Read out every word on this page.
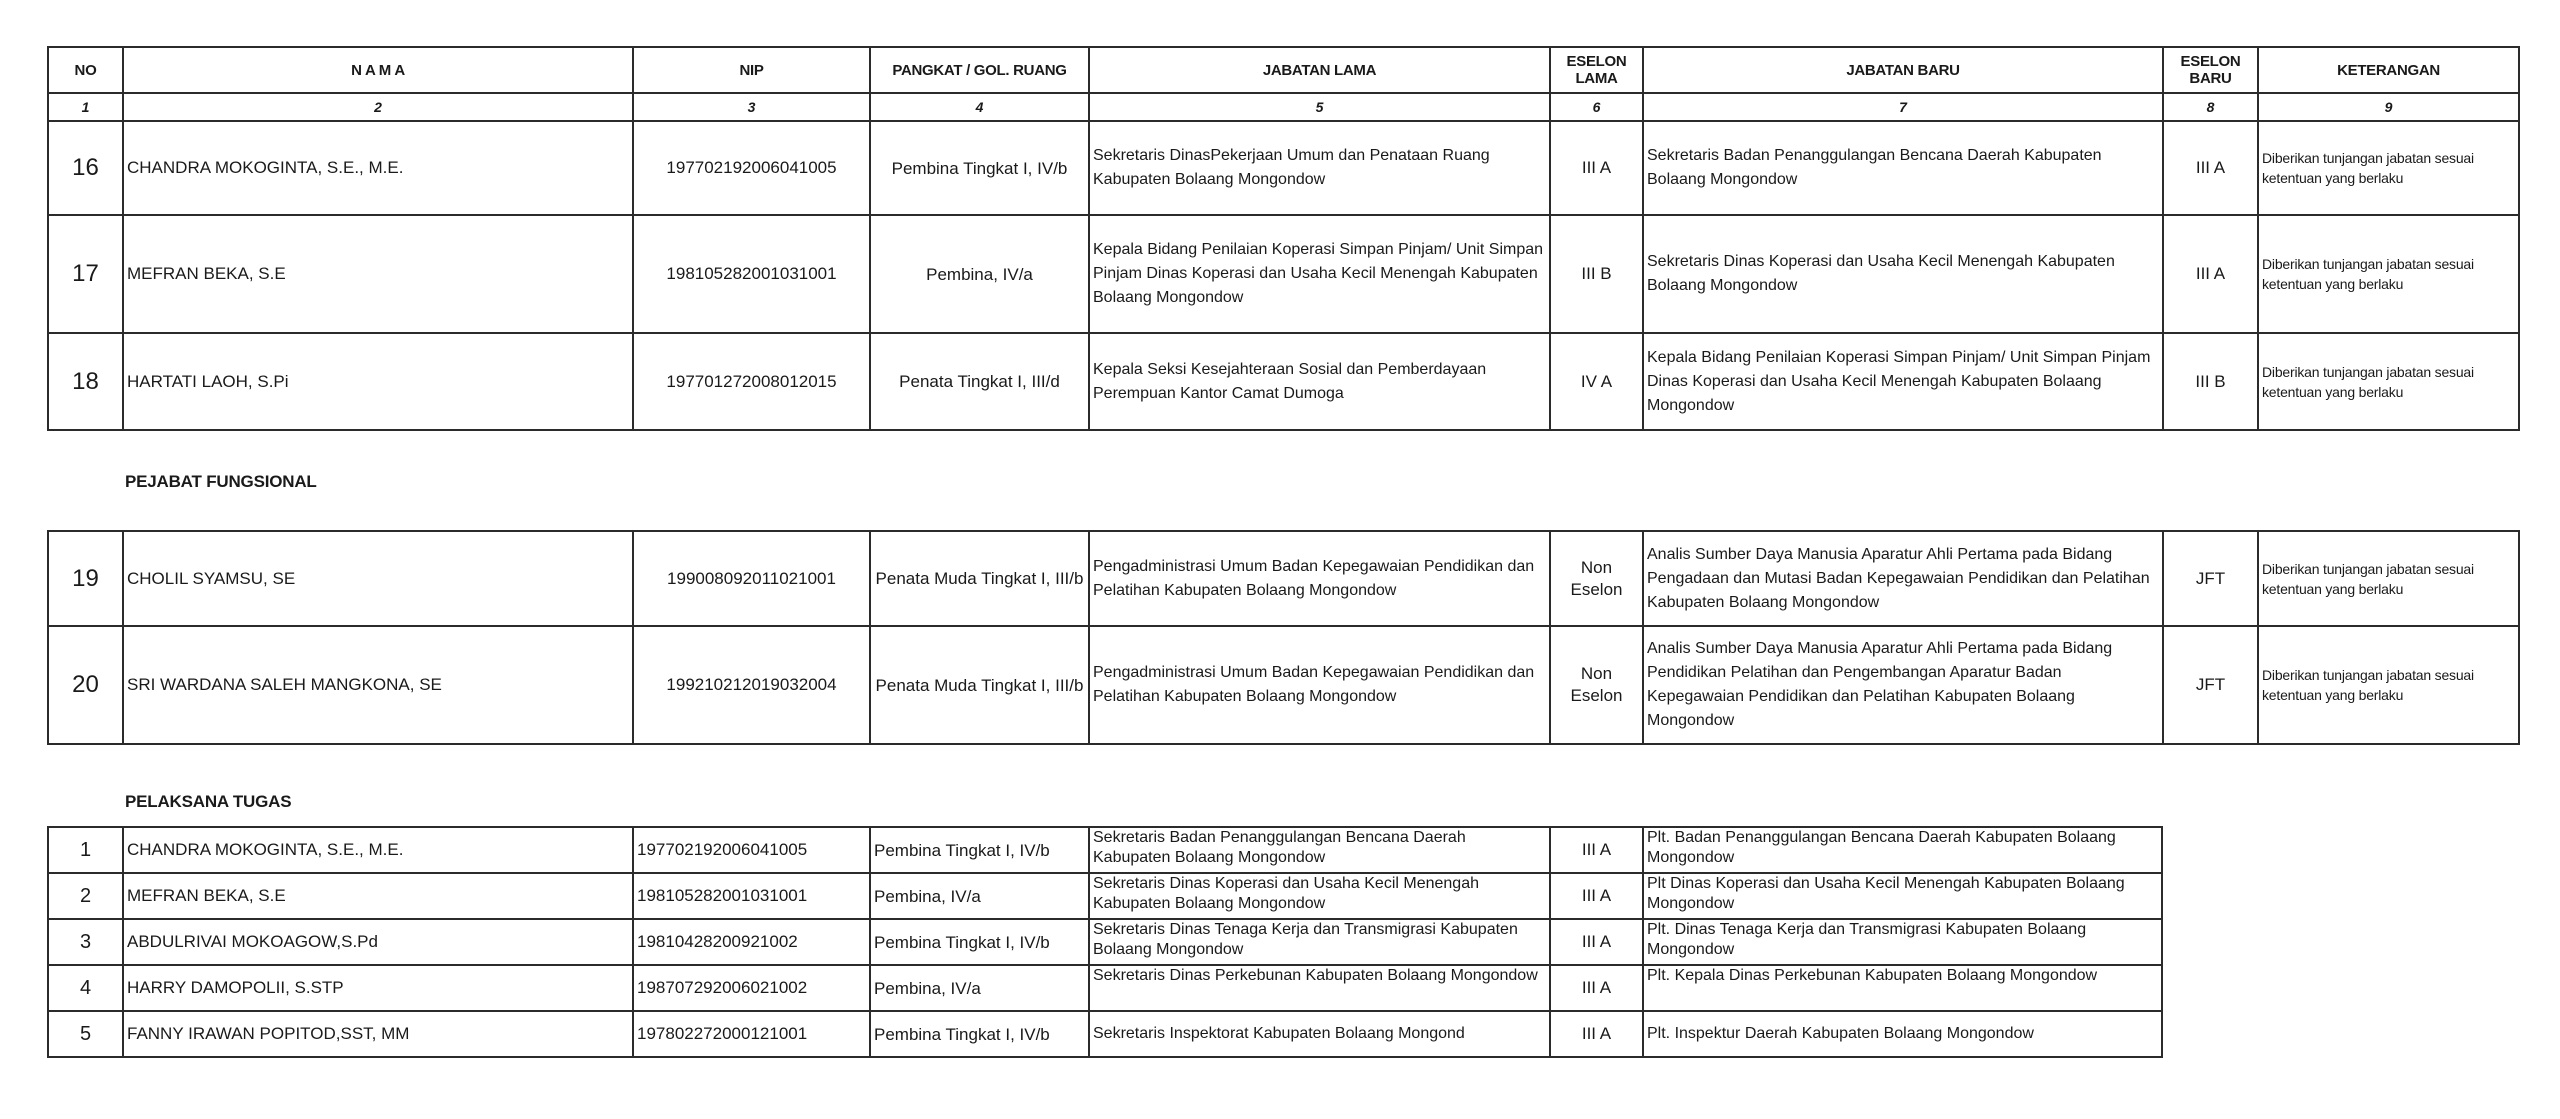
NO	N A M A	NIP	PANGKAT / GOL. RUANG	JABATAN LAMA	ESELON LAMA	JABATAN BARU	ESELON BARU	KETERANGAN
1	2	3	4	5	6	7	8	9
16	CHANDRA MOKOGINTA, S.E., M.E.	197702192006041005	Pembina Tingkat I, IV/b	Sekretaris DinasPekerjaan Umum dan Penataan Ruang Kabupaten Bolaang Mongondow	III A	Sekretaris Badan Penanggulangan Bencana Daerah Kabupaten Bolaang Mongondow	III A	Diberikan tunjangan jabatan sesuai ketentuan yang berlaku
17	MEFRAN BEKA, S.E	198105282001031001	Pembina, IV/a	Kepala Bidang Penilaian Koperasi Simpan Pinjam/ Unit Simpan Pinjam Dinas Koperasi dan Usaha Kecil Menengah Kabupaten Bolaang Mongondow	III B	Sekretaris Dinas Koperasi dan Usaha Kecil Menengah Kabupaten Bolaang Mongondow	III A	Diberikan tunjangan jabatan sesuai ketentuan yang berlaku
18	HARTATI LAOH, S.Pi	197701272008012015	Penata Tingkat I, III/d	Kepala Seksi Kesejahteraan Sosial dan Pemberdayaan Perempuan Kantor Camat Dumoga	IV A	Kepala Bidang Penilaian Koperasi Simpan Pinjam/ Unit Simpan Pinjam Dinas Koperasi dan Usaha Kecil Menengah Kabupaten Bolaang Mongondow	III B	Diberikan tunjangan jabatan sesuai ketentuan yang berlaku
PEJABAT FUNGSIONAL
19	CHOLIL SYAMSU, SE	199008092011021001	Penata Muda Tingkat I, III/b	Pengadministrasi Umum Badan Kepegawaian Pendidikan dan Pelatihan Kabupaten Bolaang Mongondow	Non Eselon	Analis Sumber Daya Manusia Aparatur Ahli Pertama pada Bidang Pengadaan dan Mutasi Badan Kepegawaian Pendidikan dan Pelatihan Kabupaten Bolaang Mongondow	JFT	Diberikan tunjangan jabatan sesuai ketentuan yang berlaku
20	SRI WARDANA SALEH MANGKONA, SE	199210212019032004	Penata Muda Tingkat I, III/b	Pengadministrasi Umum Badan Kepegawaian Pendidikan dan Pelatihan Kabupaten Bolaang Mongondow	Non Eselon	Analis Sumber Daya Manusia Aparatur Ahli Pertama pada Bidang Pendidikan Pelatihan dan Pengembangan Aparatur Badan Kepegawaian Pendidikan dan Pelatihan Kabupaten Bolaang Mongondow	JFT	Diberikan tunjangan jabatan sesuai ketentuan yang berlaku
PELAKSANA TUGAS
1	CHANDRA MOKOGINTA, S.E., M.E.	197702192006041005	Pembina Tingkat I, IV/b	Sekretaris Badan Penanggulangan Bencana Daerah Kabupaten Bolaang Mongondow	III A	Plt. Badan Penanggulangan Bencana Daerah Kabupaten Bolaang Mongondow
2	MEFRAN BEKA, S.E	198105282001031001	Pembina, IV/a	Sekretaris Dinas Koperasi dan Usaha Kecil Menengah Kabupaten Bolaang Mongondow	III A	Plt Dinas Koperasi dan Usaha Kecil Menengah Kabupaten Bolaang Mongondow
3	ABDULRIVAI MOKOAGOW,S.Pd	19810428200921002	Pembina Tingkat I, IV/b	Sekretaris Dinas Tenaga Kerja dan Transmigrasi Kabupaten Bolaang Mongondow	III A	Plt. Dinas Tenaga Kerja dan Transmigrasi Kabupaten Bolaang Mongondow
4	HARRY DAMOPOLII, S.STP	198707292006021002	Pembina, IV/a	Sekretaris Dinas Perkebunan Kabupaten Bolaang Mongondow	III A	Plt. Kepala Dinas Perkebunan Kabupaten Bolaang Mongondow
5	FANNY IRAWAN POPITOD,SST, MM	197802272000121001	Pembina Tingkat I, IV/b	Sekretaris Inspektorat Kabupaten Bolaang Mongond	III A	Plt. Inspektur Daerah Kabupaten Bolaang Mongondow
